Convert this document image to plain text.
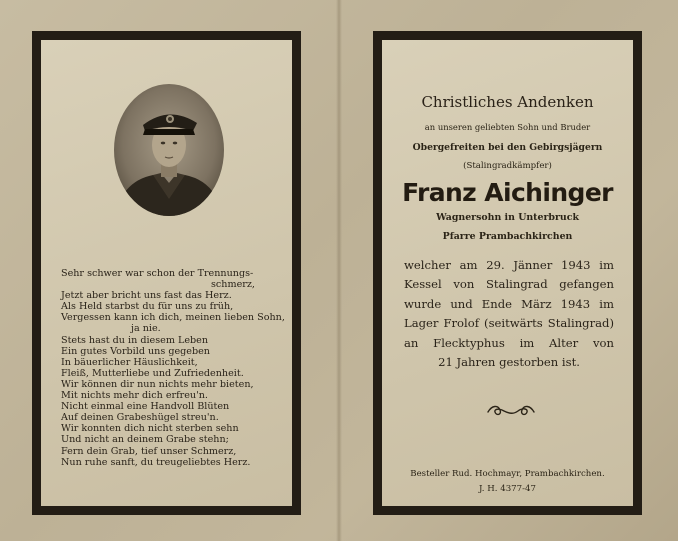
Sehr schwer war schon der Trennungs-
schmerz,
Jetzt aber bricht uns fast das Herz.
Als Held starbst du für uns zu früh,
Vergessen kann ich dich, meinen lieben Sohn,
ja nie.
Stets hast du in diesem Leben
Ein gutes Vorbild uns gegeben
In bäuerlicher Häuslichkeit,
Fleiß, Mutterliebe und Zufriedenheit.
Wir können dir nun nichts mehr bieten,
Mit nichts mehr dich erfreu'n.
Nicht einmal eine Handvoll Blüten
Auf deinen Grabeshügel streu'n.
Wir konnten dich nicht sterben sehn
Und nicht an deinem Grabe stehn;
Fern dein Grab, tief unser Schmerz,
Nun ruhe sanft, du treugeliebtes Herz.
Christliches Andenken
an unseren geliebten Sohn und Bruder
Obergefreiten bei den Gebirgsjägern
(Stalingradkämpfer)
Franz Aichinger
Wagnersohn in Unterbruck
Pfarre Prambachkirchen
welcher am 29. Jänner 1943 im
Kessel von Stalingrad gefangen
wurde und Ende März 1943 im
Lager Frolof (seitwärts Stalingrad)
an Flecktyphus im Alter von
21 Jahren gestorben ist.
Besteller Rud. Hochmayr, Prambachkirchen.
J. H. 4377-47
